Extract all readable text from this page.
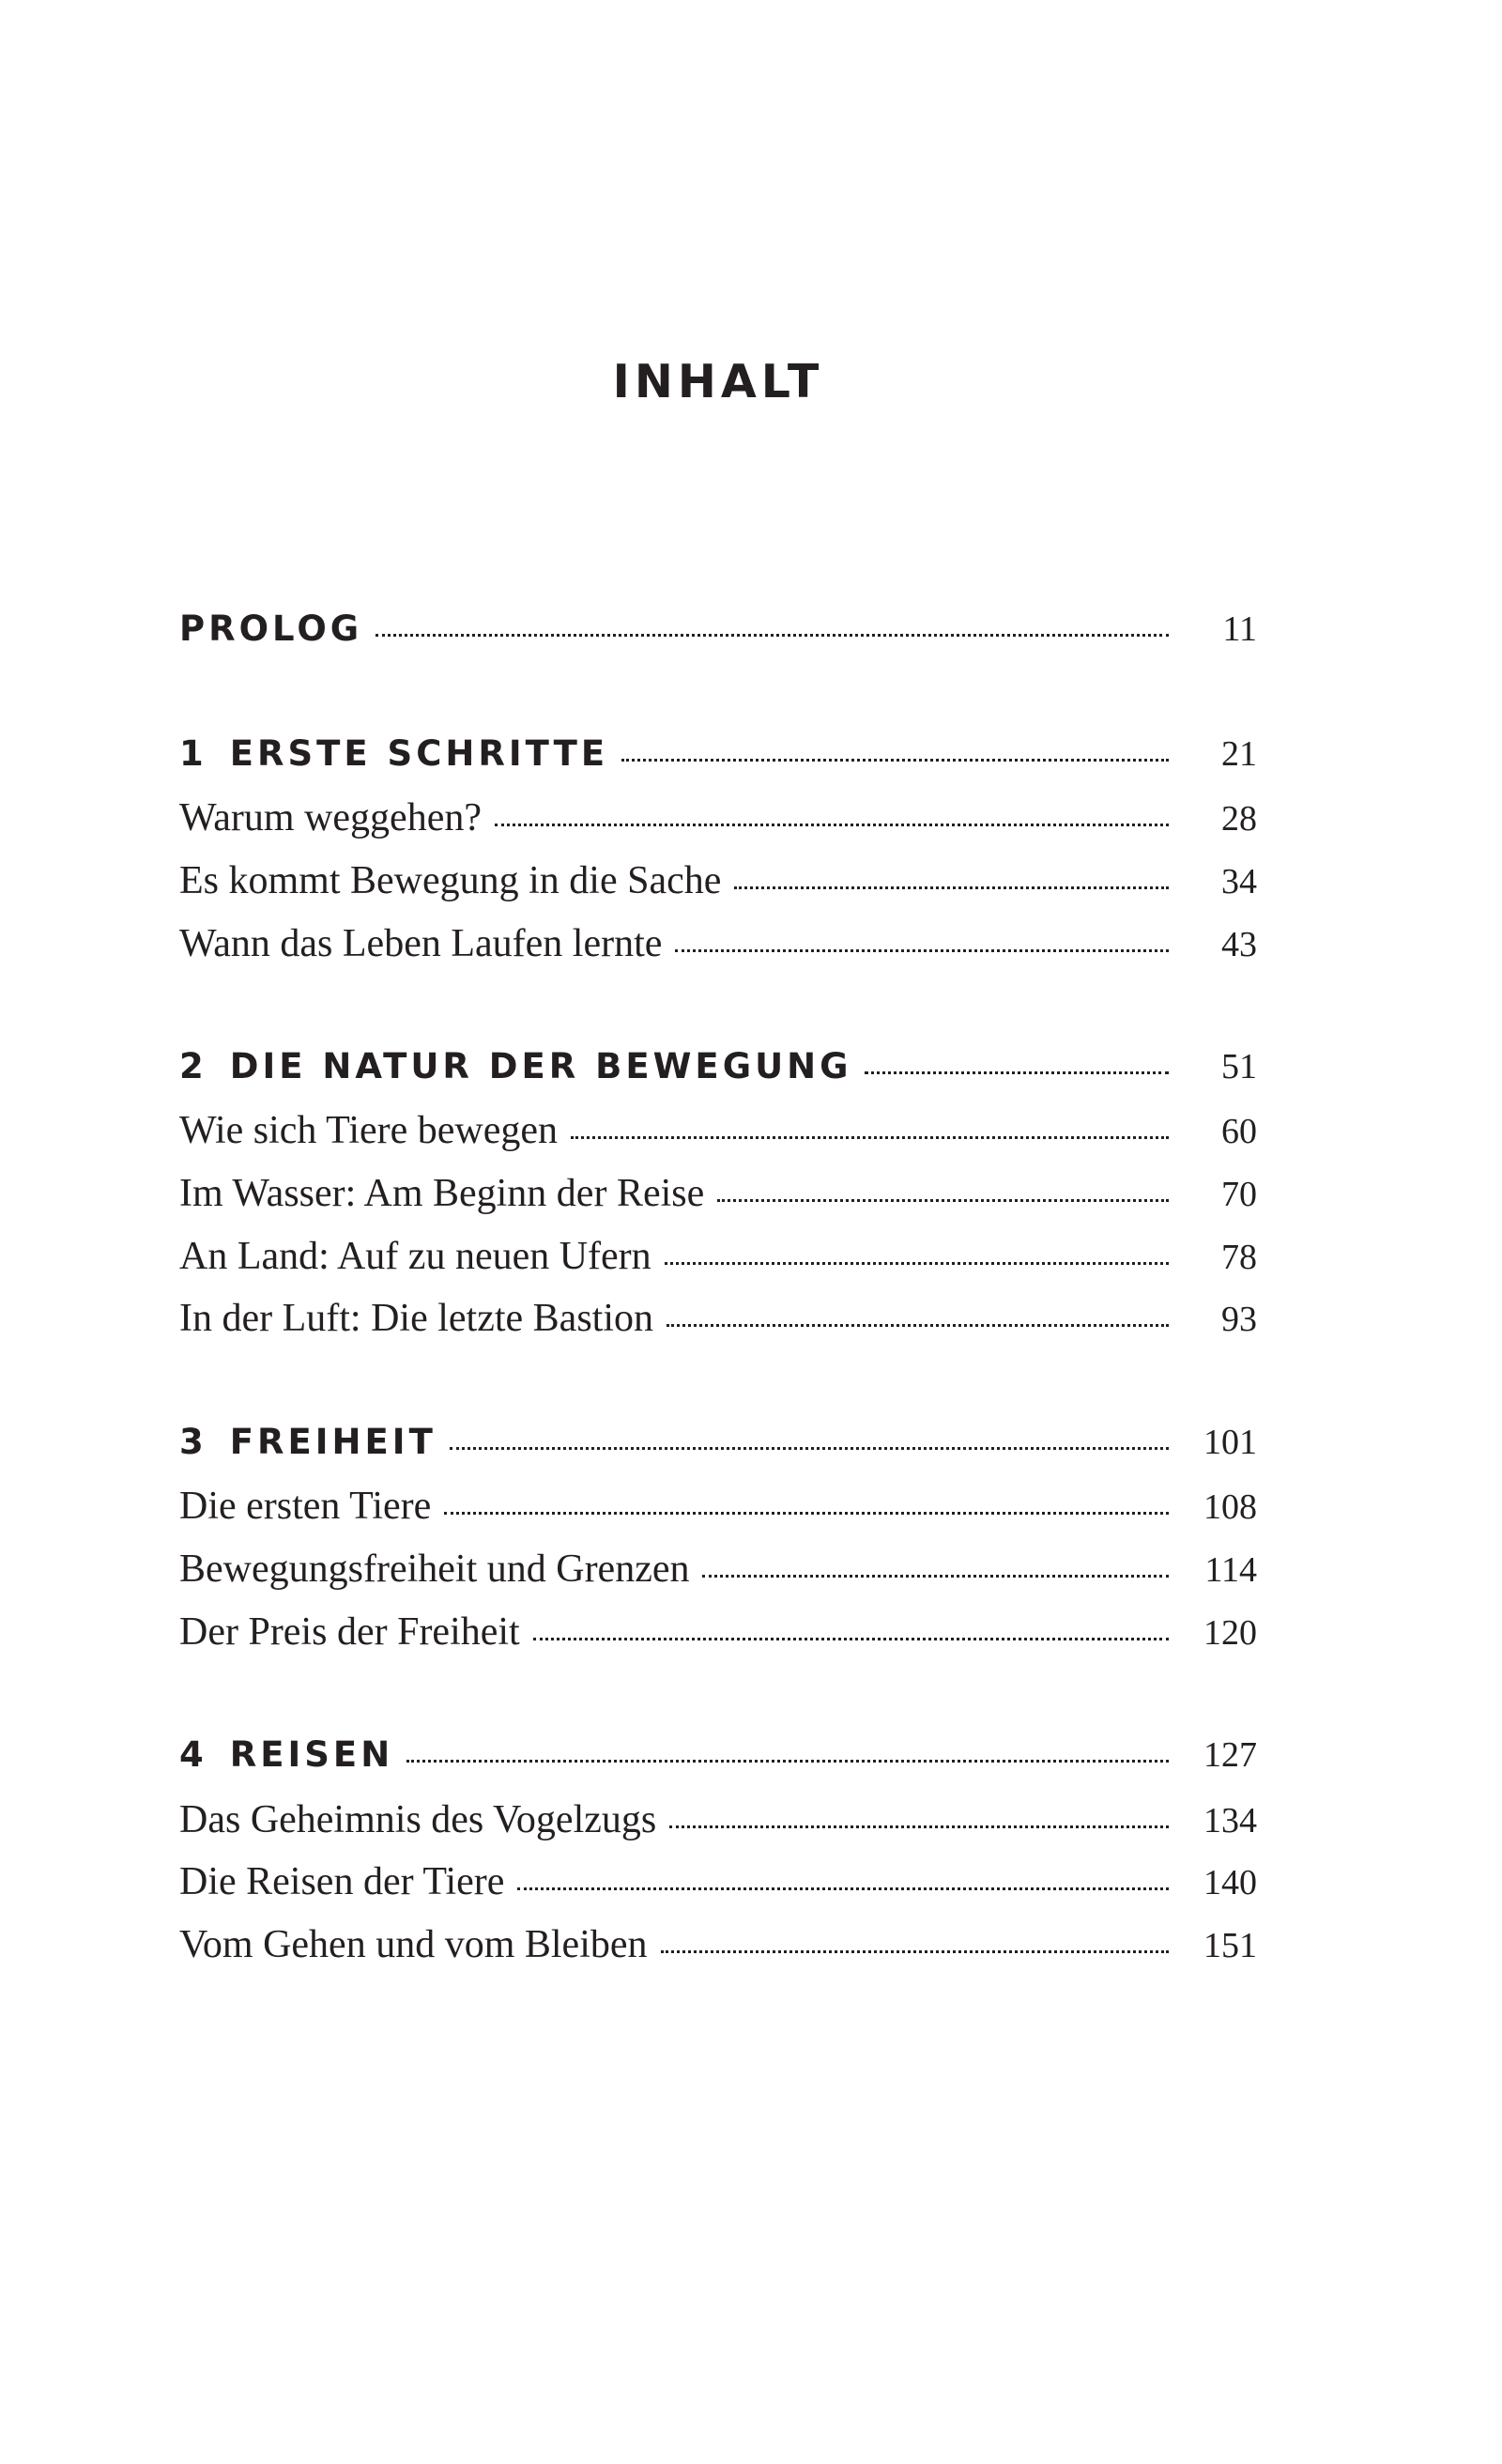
INHALT
PROLOG	11
1 ERSTE SCHRITTE	21
Warum weggehen?	28
Es kommt Bewegung in die Sache	34
Wann das Leben Laufen lernte	43
2 DIE NATUR DER BEWEGUNG	51
Wie sich Tiere bewegen	60
Im Wasser: Am Beginn der Reise	70
An Land: Auf zu neuen Ufern	78
In der Luft: Die letzte Bastion	93
3 FREIHEIT	101
Die ersten Tiere	108
Bewegungsfreiheit und Grenzen	114
Der Preis der Freiheit	120
4 REISEN	127
Das Geheimnis des Vogelzugs	134
Die Reisen der Tiere	140
Vom Gehen und vom Bleiben	151
